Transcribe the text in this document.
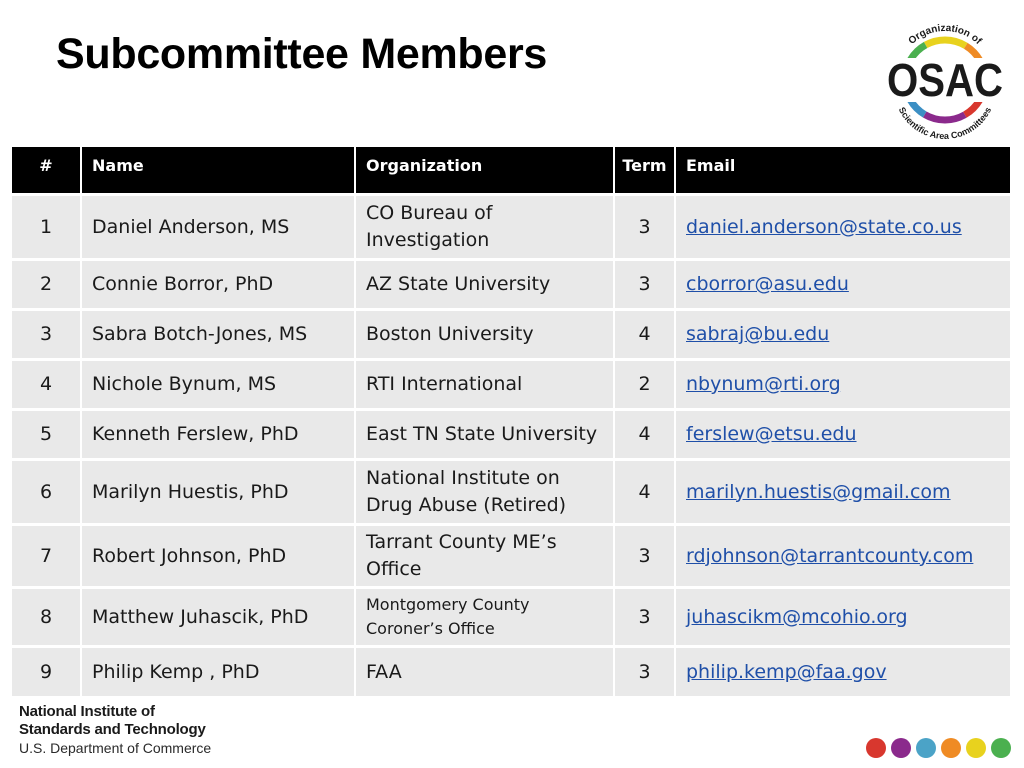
Subcommittee Members	OSAC
Organization of
Scientific Area Committees
#	Name	Organization	Term	Email
1	Daniel Anderson, MS	CO Bureau of
Investigation	3	daniel.anderson@state.co.us
2	Connie Borror, PhD	AZ State University	3	cborror@asu.edu
3	Sabra Botch-Jones, MS	Boston University	4	sabraj@bu.edu
4	Nichole Bynum, MS	RTI International	2	nbynum@rti.org
5	Kenneth Ferslew, PhD	East TN State University	4	ferslew@etsu.edu
6	Marilyn Huestis, PhD	National Institute on
Drug Abuse (Retired)	4	marilyn.huestis@gmail.com
7	Robert Johnson, PhD	Tarrant County ME’s
Office	3	rdjohnson@tarrantcounty.com
8	Matthew Juhascik, PhD	Montgomery County
Coroner’s Office	3	juhascikm@mcohio.org
9	Philip Kemp , PhD	FAA	3	philip.kemp@faa.gov
National Institute of
Standards and Technology
U.S. Department of Commerce
